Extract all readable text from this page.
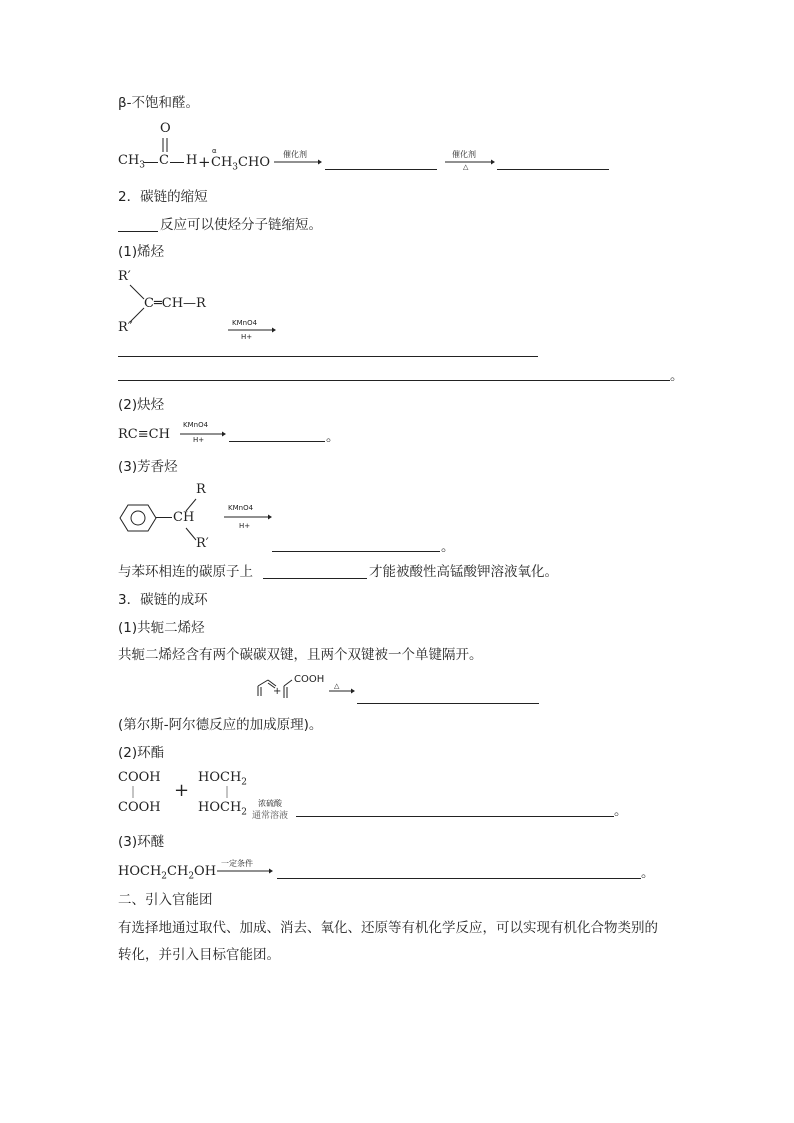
β-不饱和醛。
O
$CH_3$ C H +
α
$CH_3CHO$
催化剂	催化剂
△
2．碳链的缩短
反应可以使烃分子链缩短。
(1)烯烃
R′
C═CH—R
R″	KMnO4
H+
。
(2)炔烃
RC≡CH
KMnO4
H+	。
(3)芳香烃
R
CH
R′
KMnO4
H+
。
与苯环相连的碳原子上	才能被酸性高锰酸钾溶液氧化。
3．碳链的成环
(1)共轭二烯烃
共轭二烯烃含有两个碳碳双键，且两个双键被一个单键隔开。
+
COOH
△
(第尔斯-阿尔德反应的加成原理)。
(2)环酯
COOH
COOH
+
$HOCH_2$
$HOCH_2$
浓硫酸
通常溶液	。
(3)环醚
$HOCH_2CH_2OH$
一定条件
。
二、引入官能团
有选择地通过取代、加成、消去、氧化、还原等有机化学反应，可以实现有机化合物类别的
转化，并引入目标官能团。
